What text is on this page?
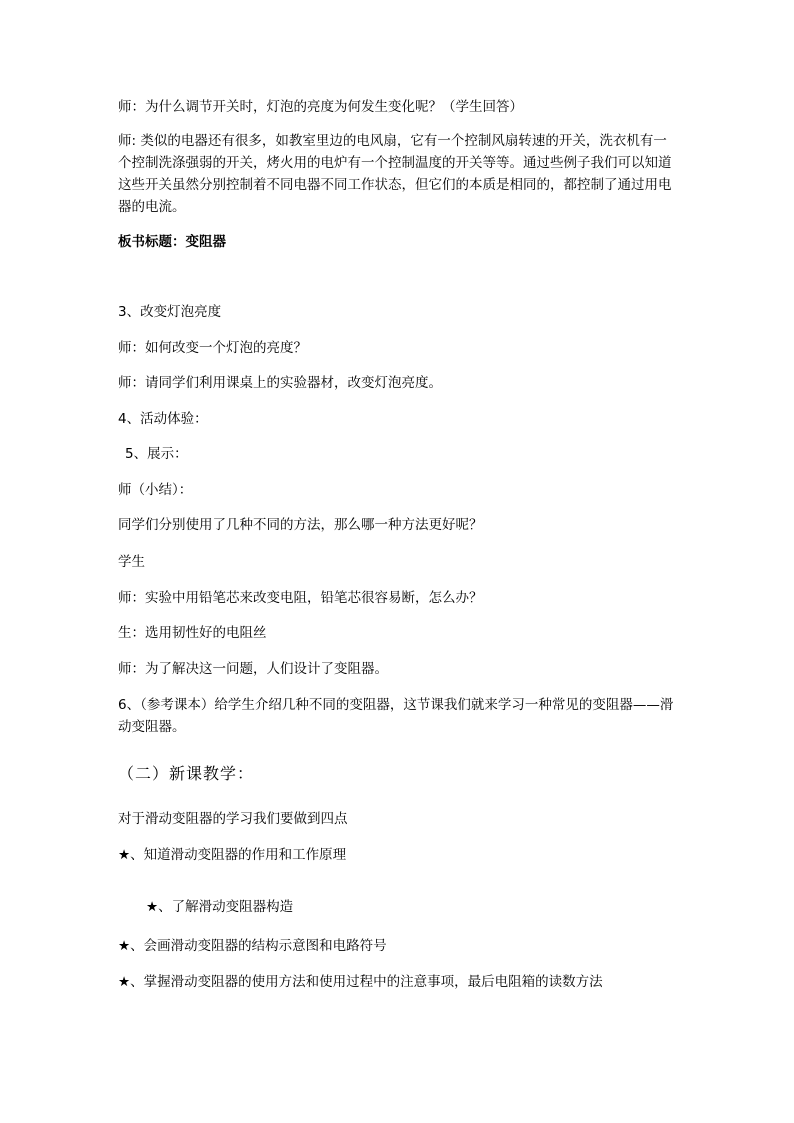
师：为什么调节开关时，灯泡的亮度为何发生变化呢？（学生回答）
师: 类似的电器还有很多，如教室里边的电风扇，它有一个控制风扇转速的开关，洗衣机有一个控制洗涤强弱的开关，烤火用的电炉有一个控制温度的开关等等。通过些例子我们可以知道这些开关虽然分别控制着不同电器不同工作状态，但它们的本质是相同的，都控制了通过用电器的电流。
板书标题：变阻器
3、改变灯泡亮度
师：如何改变一个灯泡的亮度？
师：请同学们利用课桌上的实验器材，改变灯泡亮度。
4、活动体验：
5、展示：
师（小结）：
同学们分别使用了几种不同的方法，那么哪一种方法更好呢？
学生
师：实验中用铅笔芯来改变电阻，铅笔芯很容易断，怎么办？
生：选用韧性好的电阻丝
师：为了解决这一问题，人们设计了变阻器。
6、（参考课本）给学生介绍几种不同的变阻器，这节课我们就来学习一种常见的变阻器——滑动变阻器。
（二）新课教学：
对于滑动变阻器的学习我们要做到四点
★、知道滑动变阻器的作用和工作原理
★、了解滑动变阻器构造
★、会画滑动变阻器的结构示意图和电路符号
★、掌握滑动变阻器的使用方法和使用过程中的注意事项，最后电阻箱的读数方法
